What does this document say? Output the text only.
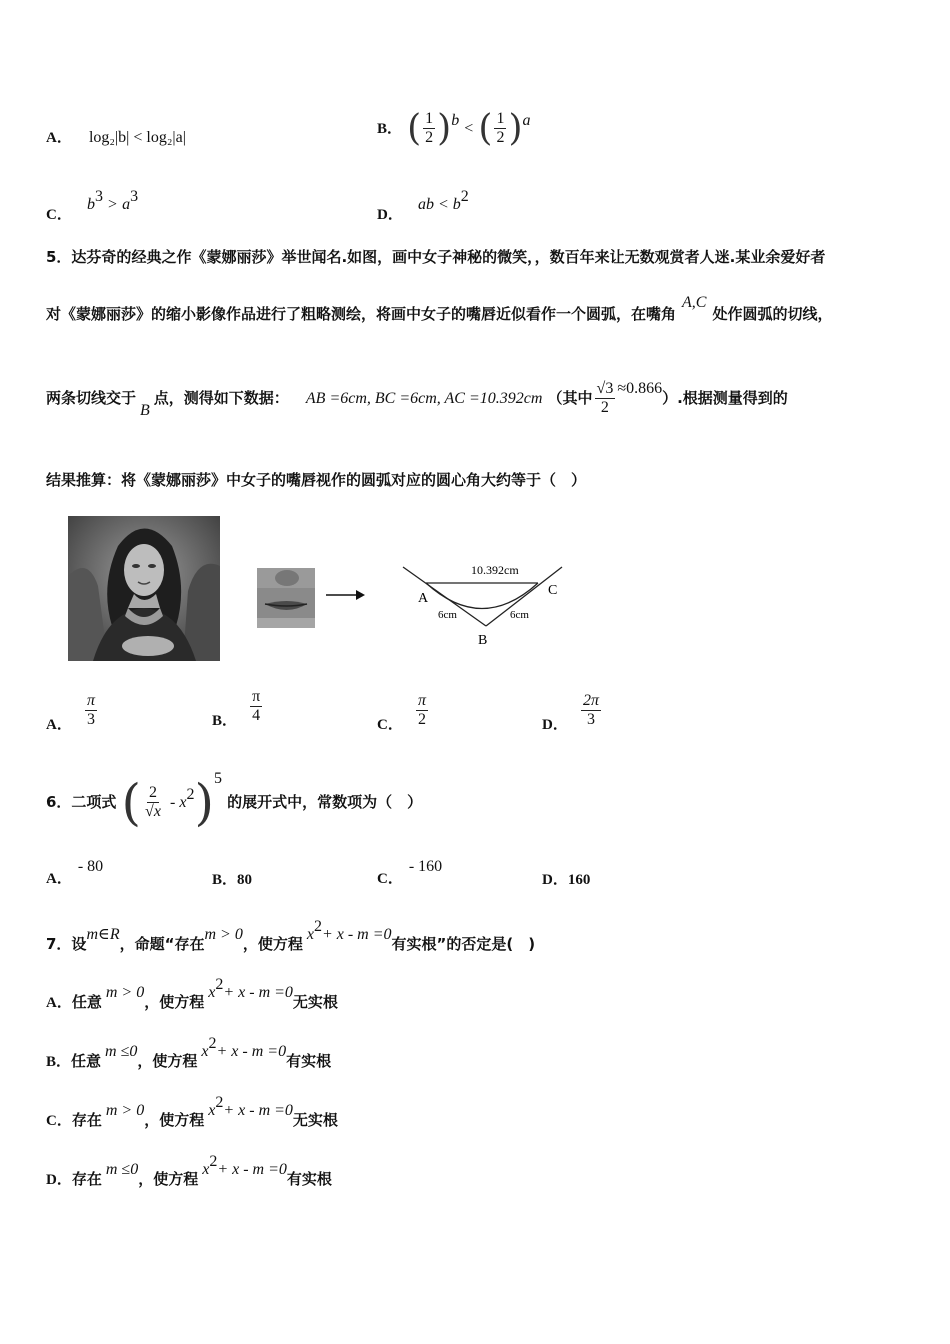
A． log₂|b| < log₂|a|	B． ( $\frac{1}{2} )^b$ < ( $\frac{1}{2} )^a$
C． $b^3 > a^3$
D． ab < $b^2$
5．达芬奇的经典之作《蒙娜丽莎》举世闻名.如图，画中女子神秘的微笑，，数百年来让无数观赏者人迷.某业余爱好者
对《蒙娜丽莎》的缩小影像作品进行了粗略测绘，将画中女子的嘴唇近似看作一个圆弧，在嘴角A,C处作圆弧的切线，
两条切线交于B点，测得如下数据： AB =6cm, BC =6cm, AC =10.392cm （其中 $\frac{√3}{2} \approx 0.866$）.根据测量得到的
结果推算：将《蒙娜丽莎》中女子的嘴唇视作的圆弧对应的圆心角大约等于（　）
10.392cm
A
C
B
6cm	6cm
A． $\frac{\pi}{3}$	B． $\frac{\pi}{4}$	C． $\frac{\pi}{2}$	D． $\frac{2\pi}{3}$
6．二项式 ( $\frac{2}{√x} - x^2)^5$ 的展开式中，常数项为（　）
A．- 80
B．80	C．- 160
D．160
7．设m∈R，命题“存在m > 0，使方程$x^2+ x - m =0$有实根”的否定是(　)
A．任意m > 0，使方程$x^2+ x - m =0$无实根
B．任意m ≤0，使方程$x^2+ x - m =0$有实根
C．存在m > 0，使方程$x^2+ x - m =0$无实根
D．存在m ≤0，使方程$x^2+ x - m =0$有实根
